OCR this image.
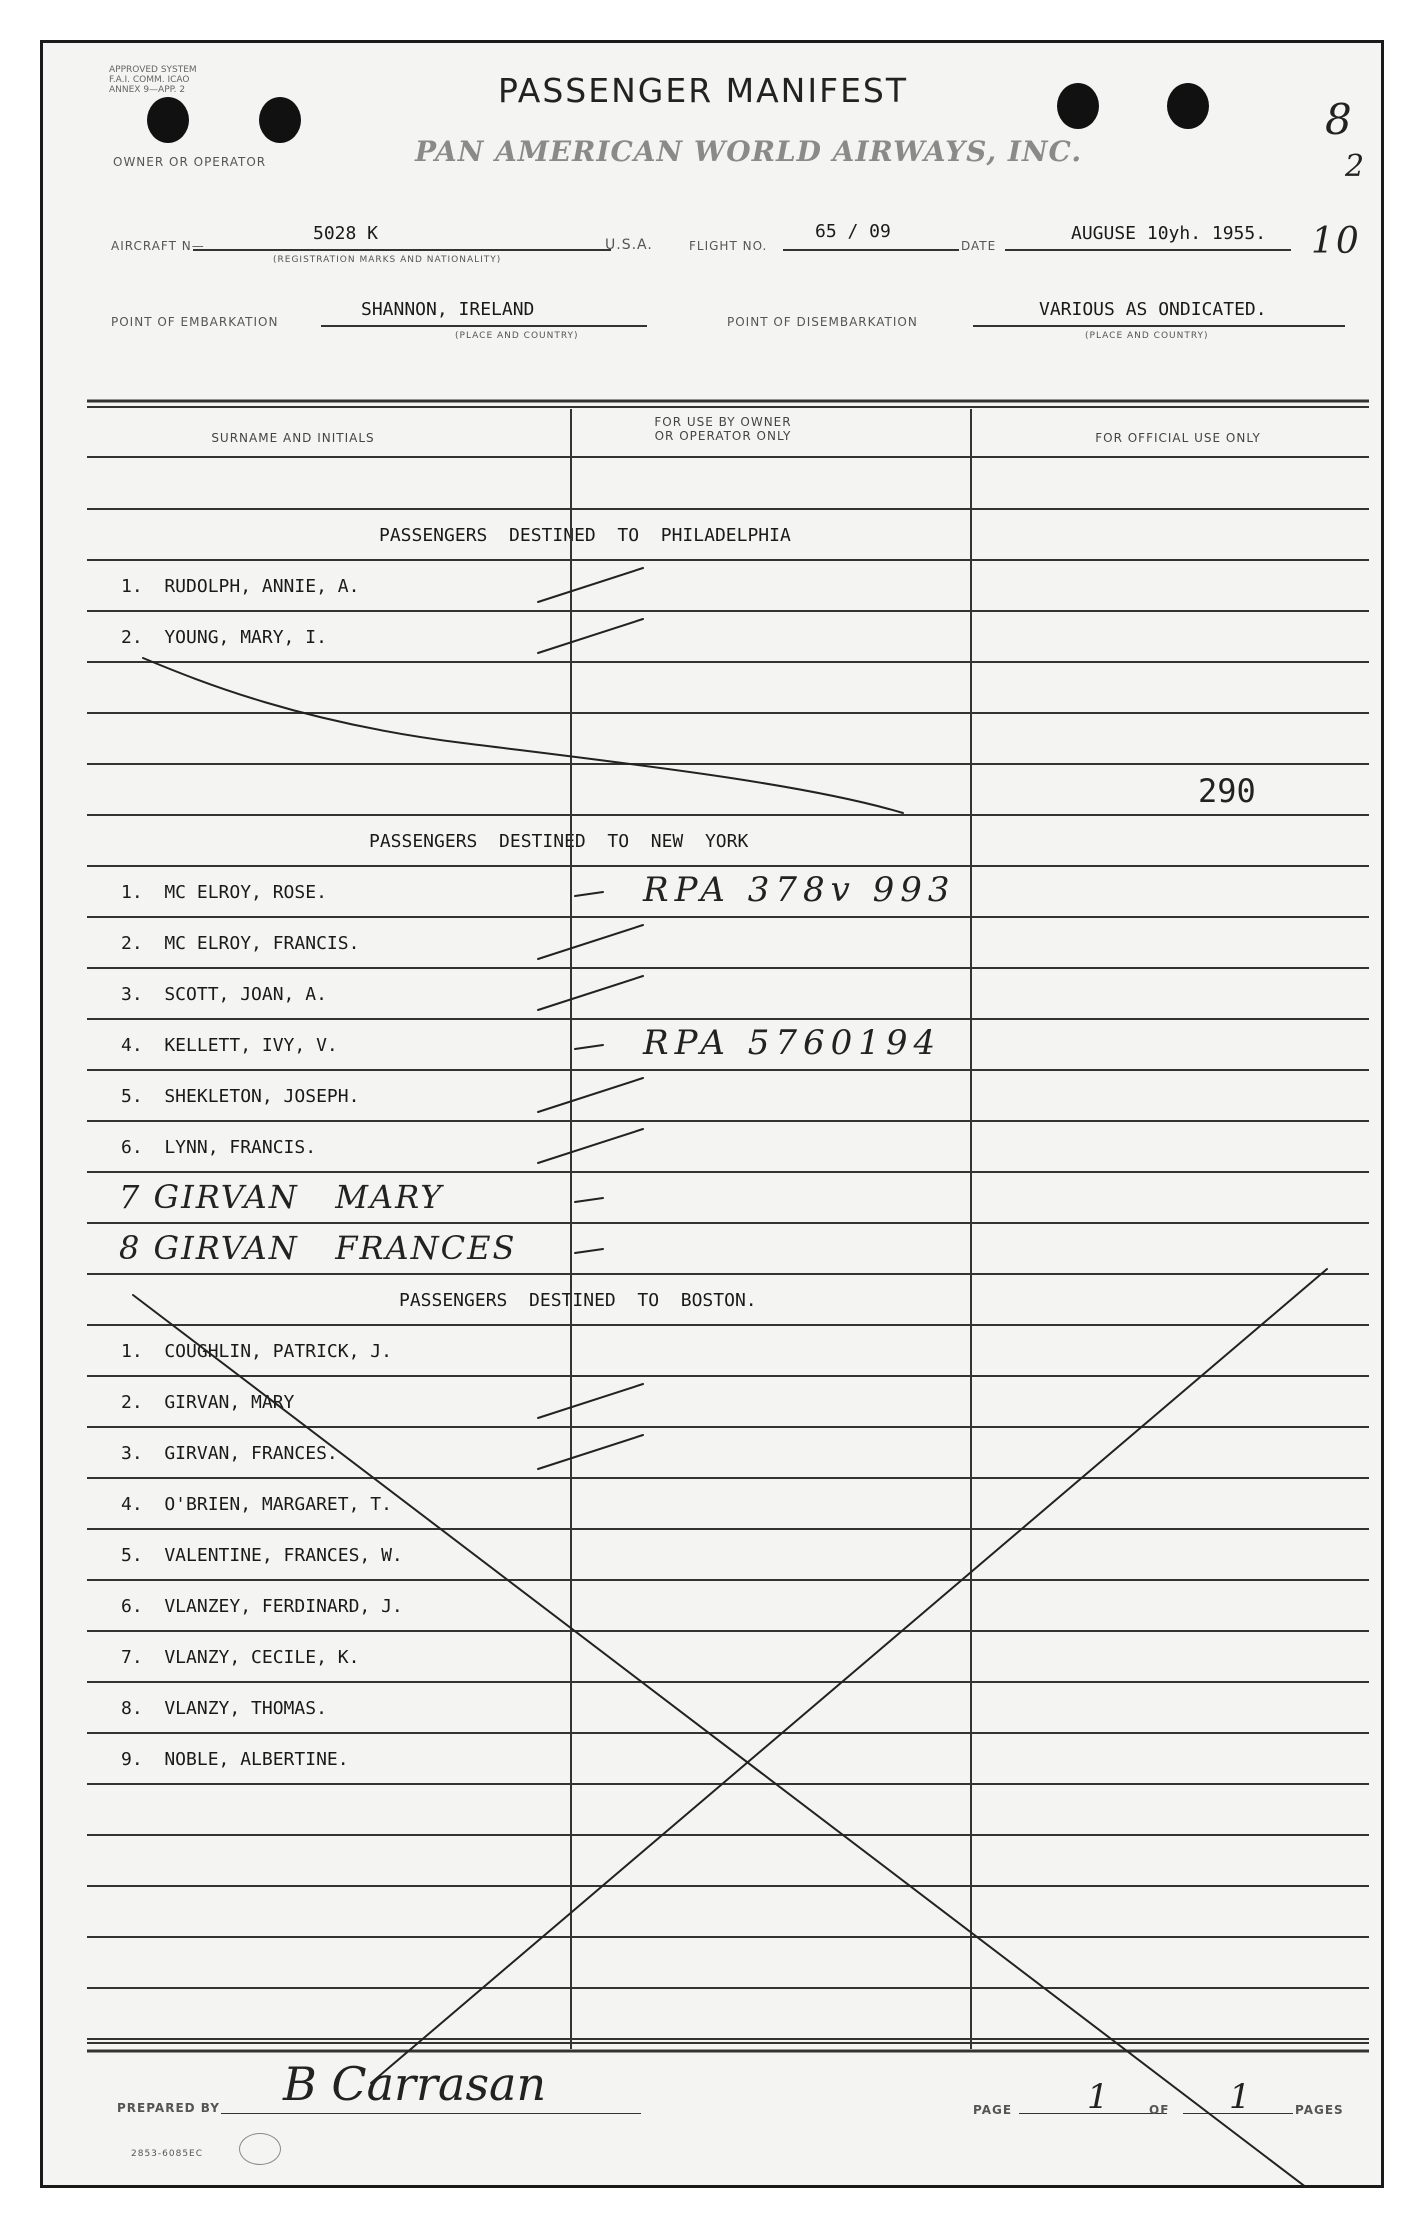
APPROVED SYSTEM F.A.I. COMM. ICAO ANNEX 9—APP. 2
OWNER OR OPERATOR
PASSENGER MANIFEST
PAN AMERICAN WORLD AIRWAYS, INC.
8
2
10
AIRCRAFT N—
5028 K
(REGISTRATION MARKS AND NATIONALITY)
U.S.A.	FLIGHT NO.
65 / 09
DATE
AUGUSE 10yh. 1955.
POINT OF EMBARKATION
SHANNON, IRELAND
(PLACE AND COUNTRY)
POINT OF DISEMBARKATION
VARIOUS AS ONDICATED.
(PLACE AND COUNTRY)
SURNAME AND INITIALS
FOR USE BY OWNER
OR OPERATOR ONLY	FOR OFFICIAL USE ONLY
PASSENGERS  DESTINED  TO  PHILADELPHIA
1.  RUDOLPH, ANNIE, A.
2.  YOUNG, MARY, I.
290
PASSENGERS  DESTINED  TO  NEW  YORK
1.  MC ELROY, ROSE.	RPA 378v 993
2.  MC ELROY, FRANCIS.
3.  SCOTT, JOAN, A.
4.  KELLETT, IVY, V.	RPA 5760194
5.  SHEKLETON, JOSEPH.
6.  LYNN, FRANCIS.
7 GIRVAN   MARY
8 GIRVAN   FRANCES
PASSENGERS  DESTINED  TO  BOSTON.
1.  COUGHLIN, PATRICK, J.
2.  GIRVAN, MARY
3.  GIRVAN, FRANCES.
4.  O'BRIEN, MARGARET, T.
5.  VALENTINE, FRANCES, W.
6.  VLANZEY, FERDINARD, J.
7.  VLANZY, CECILE, K.
8.  VLANZY, THOMAS.
9.  NOBLE, ALBERTINE.
PREPARED BY B Carrasan
2853-6085EC
PAGE 1	OF 1	PAGES
